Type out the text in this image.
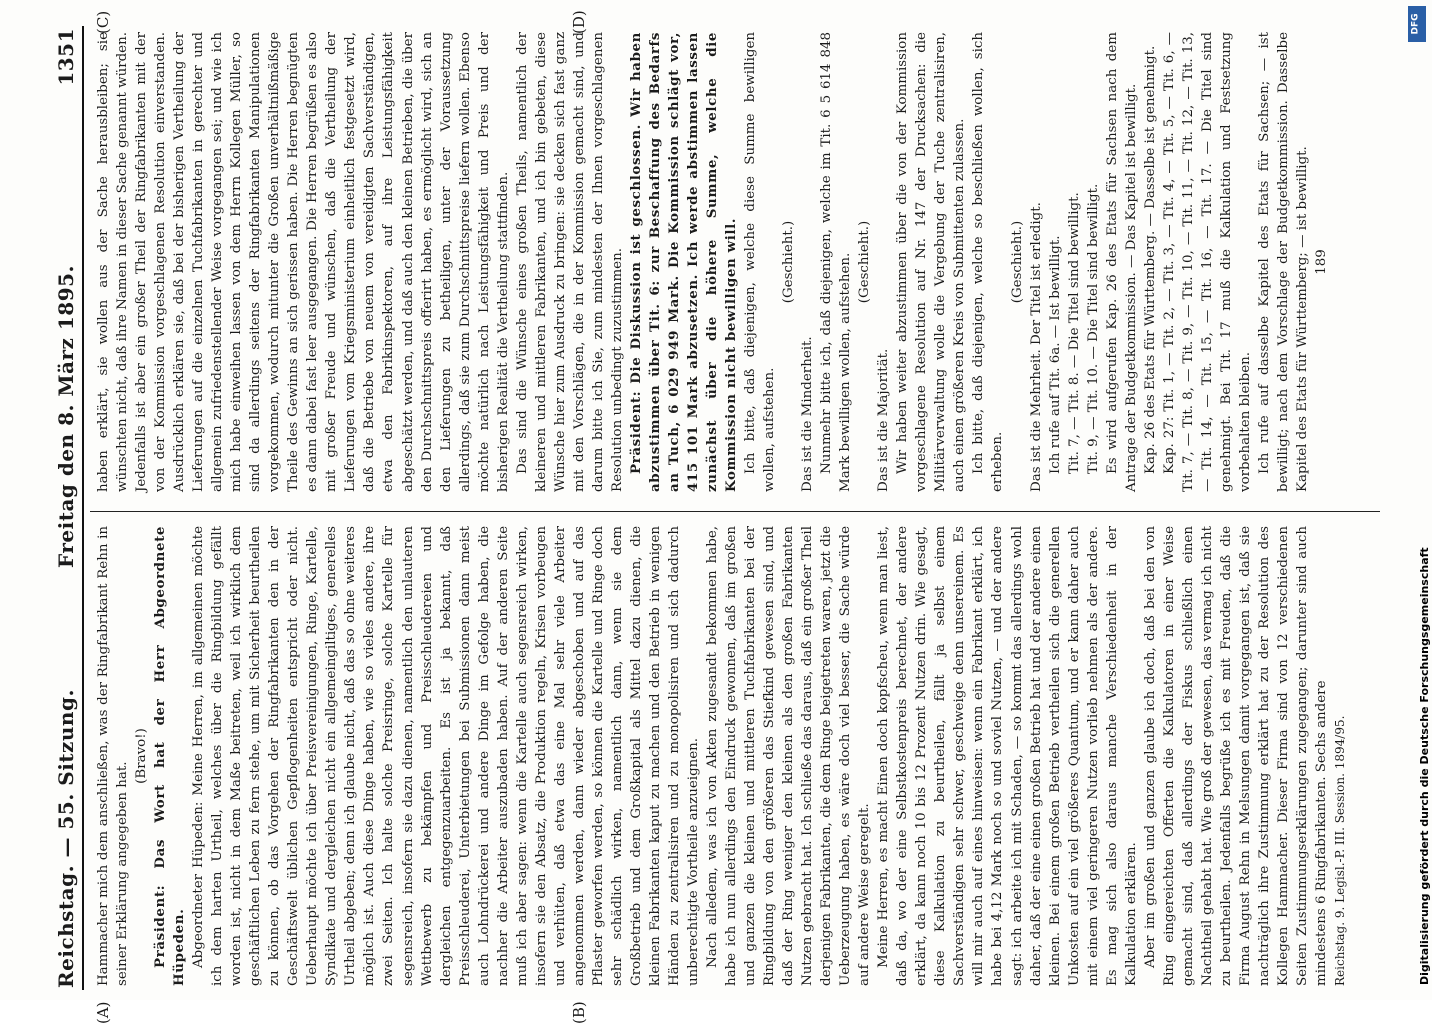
Reichstag. — 55. Sitzung.
Freitag den 8. März 1895.
1351
(A)	(B)
(C)	(D)

Hammacher mich dem anschließen, was der Ringfabrikant Rehn in seiner Erklärung angegeben hat.

(Bravo!) Präsident: Das Wort hat der Herr Abgeordnete Hüpeden. Abgeordneter Hüpeden: Meine Herren, im allgemeinen möchte ich dem harten Urtheil, welches über die Ringbildung gefällt worden ist, nicht in dem Maße beitreten, weil ich wirklich dem geschäftlichen Leben zu fern stehe, um mit Sicherheit beurtheilen zu können, ob das Vorgehen der Ringfabrikanten den in der Geschäftswelt üblichen Gepflogenheiten entspricht oder nicht. Ueberhaupt möchte ich über Preisvereinigungen, Ringe, Kartelle, Syndikate und dergleichen nicht ein allgemeingiltiges, generelles Urtheil abgeben; denn ich glaube nicht, daß das so ohne weiteres möglich ist. Auch diese Dinge haben, wie so vieles andere, ihre zwei Seiten. Ich halte solche Preisringe, solche Kartelle für segensreich, insofern sie dazu dienen, namentlich den unlauteren Wettbewerb zu bekämpfen und Preisschleudereien und dergleichen entgegenzuarbeiten. Es ist ja bekannt, daß Preisschleuderei, Unterbietungen bei Submissionen dann meist auch Lohndrückerei und andere Dinge im Gefolge haben, die nachher die Arbeiter auszubaden haben. Auf der anderen Seite muß ich aber sagen: wenn die Kartelle auch segensreich wirken, insofern sie den Absatz, die Produktion regeln, Krisen vorbeugen und verhüten, daß etwa das eine Mal sehr viele Arbeiter angenommen werden, dann wieder abgeschoben und auf das Pflaster geworfen werden, so können die Kartelle und Ringe doch sehr schädlich wirken, namentlich dann, wenn sie dem Großbetrieb und dem Großkapital als Mittel dazu dienen, die kleinen Fabrikanten kaput zu machen und den Betrieb in wenigen Händen zu zentralisiren und zu monopolisiren und sich dadurch unberechtigte Vortheile anzueignen. Nach alledem, was ich von Akten zugesandt bekommen habe, habe ich nun allerdings den Eindruck gewonnen, daß im großen und ganzen die kleinen und mittleren Tuchfabrikanten bei der Ringbildung von den größeren das Stiefkind gewesen sind, und daß der Ring weniger den kleinen als den großen Fabrikanten Nutzen gebracht hat. Ich schließe das daraus, daß ein großer Theil derjenigen Fabrikanten, die dem Ringe beigetreten waren, jetzt die Ueberzeugung haben, es wäre doch viel besser, die Sache würde auf andere Weise geregelt. Meine Herren, es macht Einen doch kopfscheu, wenn man liest, daß da, wo der eine Selbstkostenpreis berechnet, der andere erklärt, da kann noch 10 bis 12 Prozent Nutzen drin. Wie gesagt, diese Kalkulation zu beurtheilen, fällt ja selbst einem Sachverständigen sehr schwer, geschweige denn unsereinem. Es will mir auch auf eines hinweisen: wenn ein Fabrikant erklärt, ich habe bei 4,12 Mark noch so und soviel Nutzen, — und der andere sagt: ich arbeite ich mit Schaden, — so kommt das allerdings wohl daher, daß der eine einen großen Betrieb hat und der andere einen kleinen. Bei einem großen Betrieb vertheilen sich die generellen Unkosten auf ein viel größeres Quantum, und er kann daher auch mit einem viel geringeren Nutzen vorlieb nehmen als der andere. Es mag sich also daraus manche Verschiedenheit in der Kalkulation erklären. Aber im großen und ganzen glaube ich doch, daß bei den von Ring eingereichten Offerten die Kalkulatoren in einer Weise gemacht sind, daß allerdings der Fiskus schließlich einen Nachtheil gehabt hat. Wie groß der gewesen, das vermag ich nicht zu beurtheilen. Jedenfalls begrüße ich es mit Freuden, daß die Firma August Rehn in Melsungen damit vorgegangen ist, daß sie nachträglich ihre Zustimmung erklärt hat zu der Resolution des Kollegen Hammacher. Dieser Firma sind von 12 verschiedenen Seiten Zustimmungserklärungen zugegangen; darunter sind auch mindestens 6 Ringfabrikanten. Sechs andere Reichstag. 9. Legisl.-P. III. Session. 1894/95.

haben erklärt, sie wollen aus der Sache herausbleiben; sie wünschten nicht, daß ihre Namen in dieser Sache genannt würden. Jedenfalls ist aber ein großer Theil der Ringfabrikanten mit der von der Kommission vorgeschlagenen Resolution einverstanden. Ausdrücklich erklären sie, daß bei der bisherigen Vertheilung der Lieferungen auf die einzelnen Tuchfabrikanten in gerechter und allgemein zufriedenstellender Weise vorgegangen sei; und wie ich mich habe einweihen lassen von dem Herrn Kollegen Müller, so sind da allerdings seitens der Ringfabrikanten Manipulationen vorgekommen, wodurch mitunter die Großen unverhältnißmäßige Theile des Gewinns an sich gerissen haben. Die Herren begnügten es dann dabei fast leer ausgegangen. Die Herren begrüßen es also mit großer Freude und wünschen, daß die Vertheilung der Lieferungen vom Kriegsministerium einheitlich festgesetzt wird, daß die Betriebe von neuem von vereidigten Sachverständigen, etwa den Fabrikinspektoren, auf ihre Leistungsfähigkeit abgeschätzt werden, und daß auch den kleinen Betrieben, die über den Durchschnittspreis offerirt haben, es ermöglicht wird, sich an den Lieferungen zu betheiligen, unter der Voraussetzung allerdings, daß sie zum Durchschnittspreise liefern wollen. Ebenso möchte natürlich nach Leistungsfähigkeit und Preis und der bisherigen Realität die Vertheilung stattfinden. Das sind die Wünsche eines großen Theils, namentlich der kleineren und mittleren Fabrikanten, und ich bin gebeten, diese Wünsche hier zum Ausdruck zu bringen: sie decken sich fast ganz mit den Vorschlägen, die in der Kommission gemacht sind, und darum bitte ich Sie, zum mindesten der Ihnen vorgeschlagenen Resolution unbedingt zuzustimmen. Präsident: Die Diskussion ist geschlossen. Wir haben abzustimmen über Tit. 6: zur Beschaffung des Bedarfs an Tuch, 6 029 949 Mark. Die Kommission schlägt vor, 415 101 Mark abzusetzen. Ich werde abstimmen lassen zunächst über die höhere Summe, welche die Kommission nicht bewilligen will. Ich bitte, daß diejenigen, welche diese Summe bewilligen wollen, aufstehen.

(Geschieht.)

Das ist die Minderheit. Nunmehr bitte ich, daß diejenigen, welche im Tit. 6 5 614 848 Mark bewilligen wollen, aufstehen. (Geschieht.)

Das ist die Majorität. Wir haben weiter abzustimmen über die von der Kommission vorgeschlagene Resolution auf Nr. 147 der Drucksachen: die Militärverwaltung wolle die Vergebung der Tuche zentralisiren, auch einen größeren Kreis von Submittenten zulassen. Ich bitte, daß diejenigen, welche so beschließen wollen, sich erheben.

(Geschieht.) Das ist die Mehrheit. Der Titel ist erledigt. Ich rufe auf Tit. 6a. — Ist bewilligt. Tit. 7, — Tit. 8. — Die Titel sind bewilligt. Tit. 9, — Tit. 10. — Die Titel sind bewilligt. Es wird aufgerufen Kap. 26 des Etats für Sachsen nach dem Antrage der Budgetkommission. — Das Kapitel ist bewilligt. Kap. 26 des Etats für Württemberg. — Dasselbe ist genehmigt. Kap. 27: Tit. 1, — Tit. 2, — Tit. 3, — Tit. 4, — Tit. 5, — Tit. 6, — Tit. 7, — Tit. 8, — Tit. 9, — Tit. 10, — Tit. 11, — Tit. 12, — Tit. 13, — Tit. 14, — Tit. 15, — Tit. 16, — Tit. 17. — Die Titel sind genehmigt. Bei Tit. 17 muß die Kalkulation und Festsetzung vorbehalten bleiben. Ich rufe auf dasselbe Kapitel des Etats für Sachsen; — ist bewilligt; nach dem Vorschlage der Budgetkommission. Dasselbe Kapitel des Etats für Württemberg; — ist bewilligt. 189

DFG
Digitalisierung gefördert durch die Deutsche Forschungsgemeinschaft
